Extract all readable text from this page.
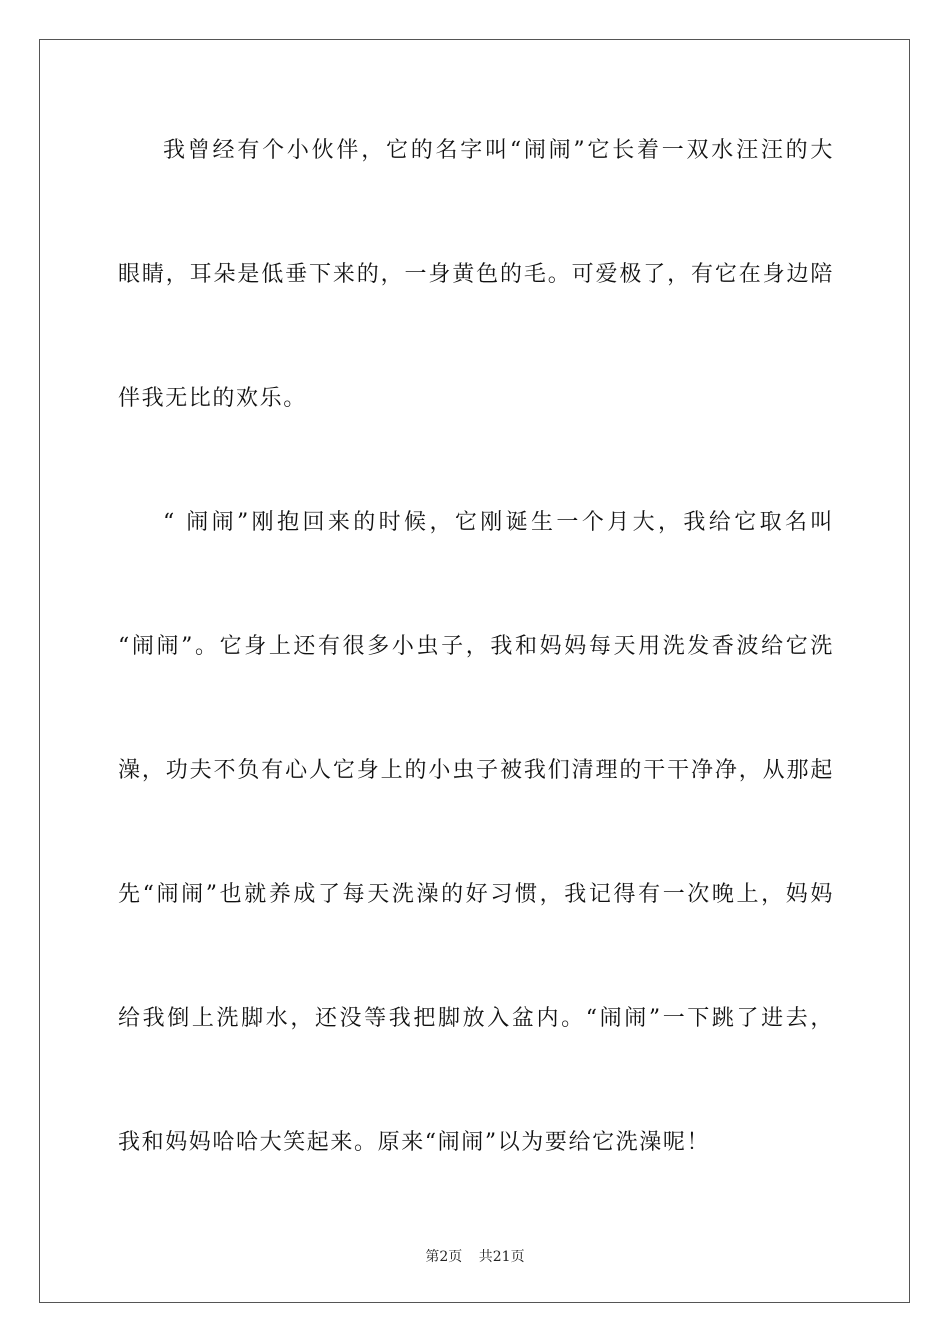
我曾经有个小伙伴，它的名字叫“闹闹”它长着一双水汪汪的大
眼睛，耳朵是低垂下来的，一身黄色的毛。可爱极了，有它在身边陪
伴我无比的欢乐。
“ 闹闹”刚抱回来的时候，它刚诞生一个月大，我给它取名叫
“闹闹”。它身上还有很多小虫子，我和妈妈每天用洗发香波给它洗
澡，功夫不负有心人它身上的小虫子被我们清理的干干净净，从那起
先“闹闹”也就养成了每天洗澡的好习惯，我记得有一次晚上，妈妈
给我倒上洗脚水，还没等我把脚放入盆内。“闹闹”一下跳了进去，
我和妈妈哈哈大笑起来。原来“闹闹”以为要给它洗澡呢！
第2页 共21页
